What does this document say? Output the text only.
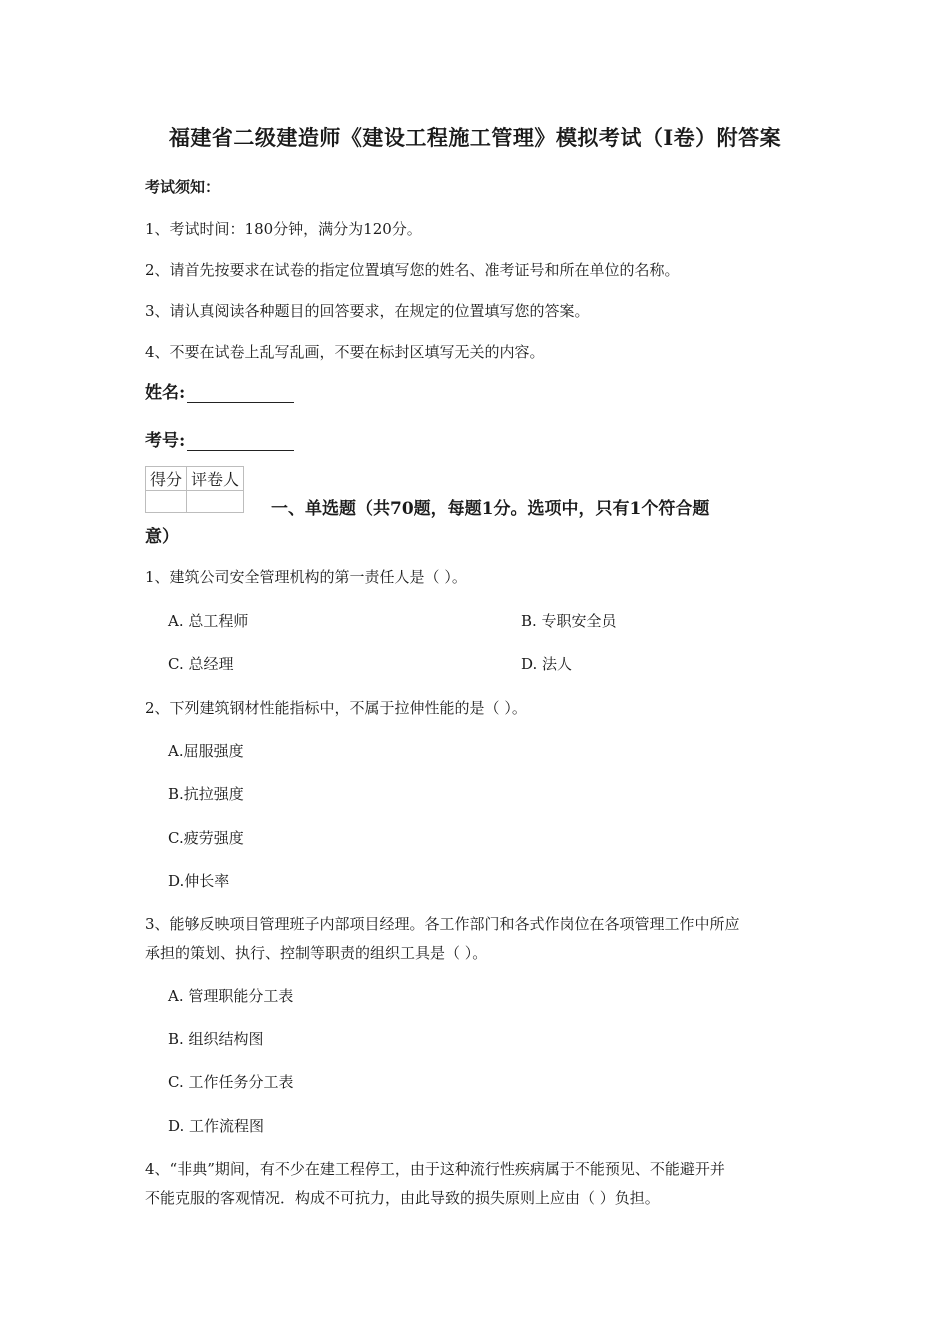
福建省二级建造师《建设工程施工管理》模拟考试（I卷）附答案
考试须知：
1、考试时间：180分钟，满分为120分。
2、请首先按要求在试卷的指定位置填写您的姓名、准考证号和所在单位的名称。
3、请认真阅读各种题目的回答要求，在规定的位置填写您的答案。
4、不要在试卷上乱写乱画，不要在标封区填写无关的内容。
姓名:
考号:
得分	评卷人

一、单选题（共70题，每题1分。选项中，只有1个符合题
意）
1、建筑公司安全管理机构的第一责任人是（ ）。
A. 总工程师	B. 专职安全员
C. 总经理	D. 法人
2、下列建筑钢材性能指标中，不属于拉伸性能的是（ ）。
A.屈服强度
B.抗拉强度
C.疲劳强度
D.伸长率
3、能够反映项目管理班子内部项目经理。各工作部门和各式作岗位在各项管理工作中所应
承担的策划、执行、控制等职责的组织工具是（ ）。
A. 管理职能分工表
B. 组织结构图
C. 工作任务分工表
D. 工作流程图
4、“非典”期间，有不少在建工程停工，由于这种流行性疾病属于不能预见、不能避开并
不能克服的客观情况．构成不可抗力，由此导致的损失原则上应由（ ）负担。
